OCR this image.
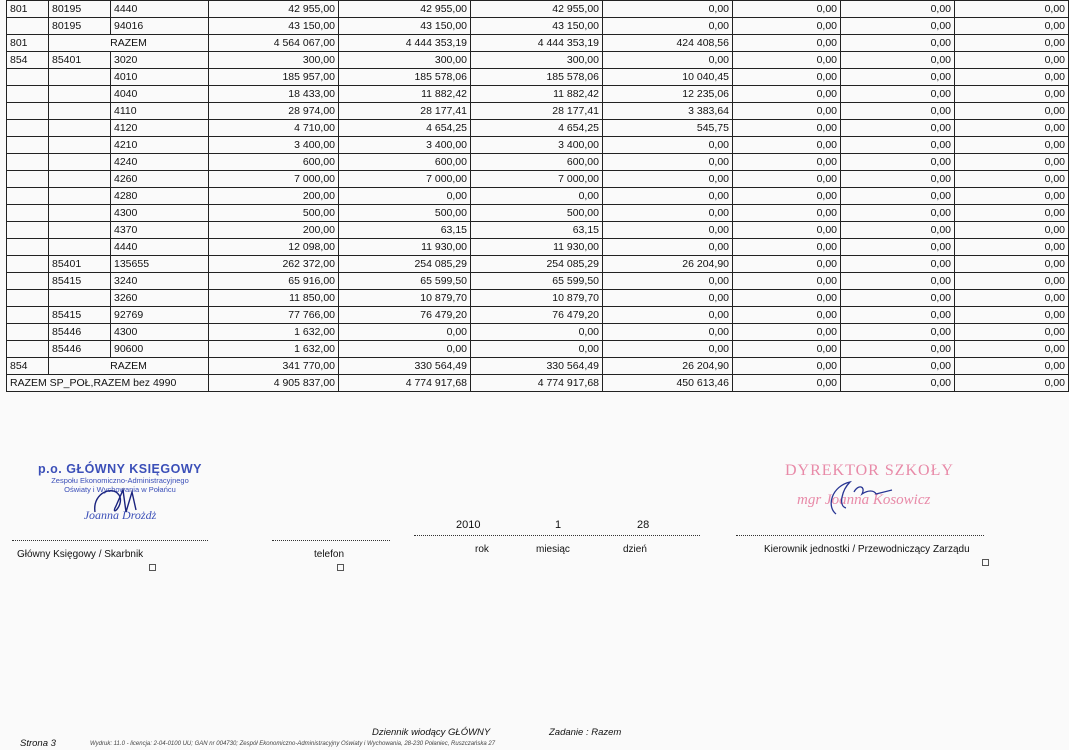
801	80195	4440	42 955,00	42 955,00	42 955,00	0,00	0,00	0,00	0,00
	80195	94016	43 150,00	43 150,00	43 150,00	0,00	0,00	0,00	0,00
801	RAZEM		4 564 067,00	4 444 353,19	4 444 353,19	424 408,56	0,00	0,00	0,00
854	85401	3020	300,00	300,00	300,00	0,00	0,00	0,00	0,00
		4010	185 957,00	185 578,06	185 578,06	10 040,45	0,00	0,00	0,00
		4040	18 433,00	11 882,42	11 882,42	12 235,06	0,00	0,00	0,00
		4110	28 974,00	28 177,41	28 177,41	3 383,64	0,00	0,00	0,00
		4120	4 710,00	4 654,25	4 654,25	545,75	0,00	0,00	0,00
		4210	3 400,00	3 400,00	3 400,00	0,00	0,00	0,00	0,00
		4240	600,00	600,00	600,00	0,00	0,00	0,00	0,00
		4260	7 000,00	7 000,00	7 000,00	0,00	0,00	0,00	0,00
		4280	200,00	0,00	0,00	0,00	0,00	0,00	0,00
		4300	500,00	500,00	500,00	0,00	0,00	0,00	0,00
		4370	200,00	63,15	63,15	0,00	0,00	0,00	0,00
		4440	12 098,00	11 930,00	11 930,00	0,00	0,00	0,00	0,00
	85401	135655	262 372,00	254 085,29	254 085,29	26 204,90	0,00	0,00	0,00
	85415	3240	65 916,00	65 599,50	65 599,50	0,00	0,00	0,00	0,00
		3260	11 850,00	10 879,70	10 879,70	0,00	0,00	0,00	0,00
	85415	92769	77 766,00	76 479,20	76 479,20	0,00	0,00	0,00	0,00
	85446	4300	1 632,00	0,00	0,00	0,00	0,00	0,00	0,00
	85446	90600	1 632,00	0,00	0,00	0,00	0,00	0,00	0,00
854	RAZEM		341 770,00	330 564,49	330 564,49	26 204,90	0,00	0,00	0,00
RAZEM SP_POŁ,RAZEM bez 4990			4 905 837,00	4 774 917,68	4 774 917,68	450 613,46	0,00	0,00	0,00
p.o. GŁÓWNY KSIĘGOWY
Zespołu Ekonomiczno-Administracyjnego
Oświaty i Wychowania w Połańcu
Joanna Drożdż
DYREKTOR SZKOŁY
mgr Joanna Kosowicz
2010	1	28
Główny Księgowy / Skarbnik	telefon	rok	miesiąc	dzień	Kierownik jednostki / Przewodniczący Zarządu
Strona 3
Dziennik wiodący GŁÓWNY	Zadanie : Razem
Wydruk: 11.0 - licencja: 2-04-0100 UU; GAN nr 004730; Zespół Ekonomiczno-Administracyjny Oświaty i Wychowania, 28-230 Połaniec, Ruszczańska 27
